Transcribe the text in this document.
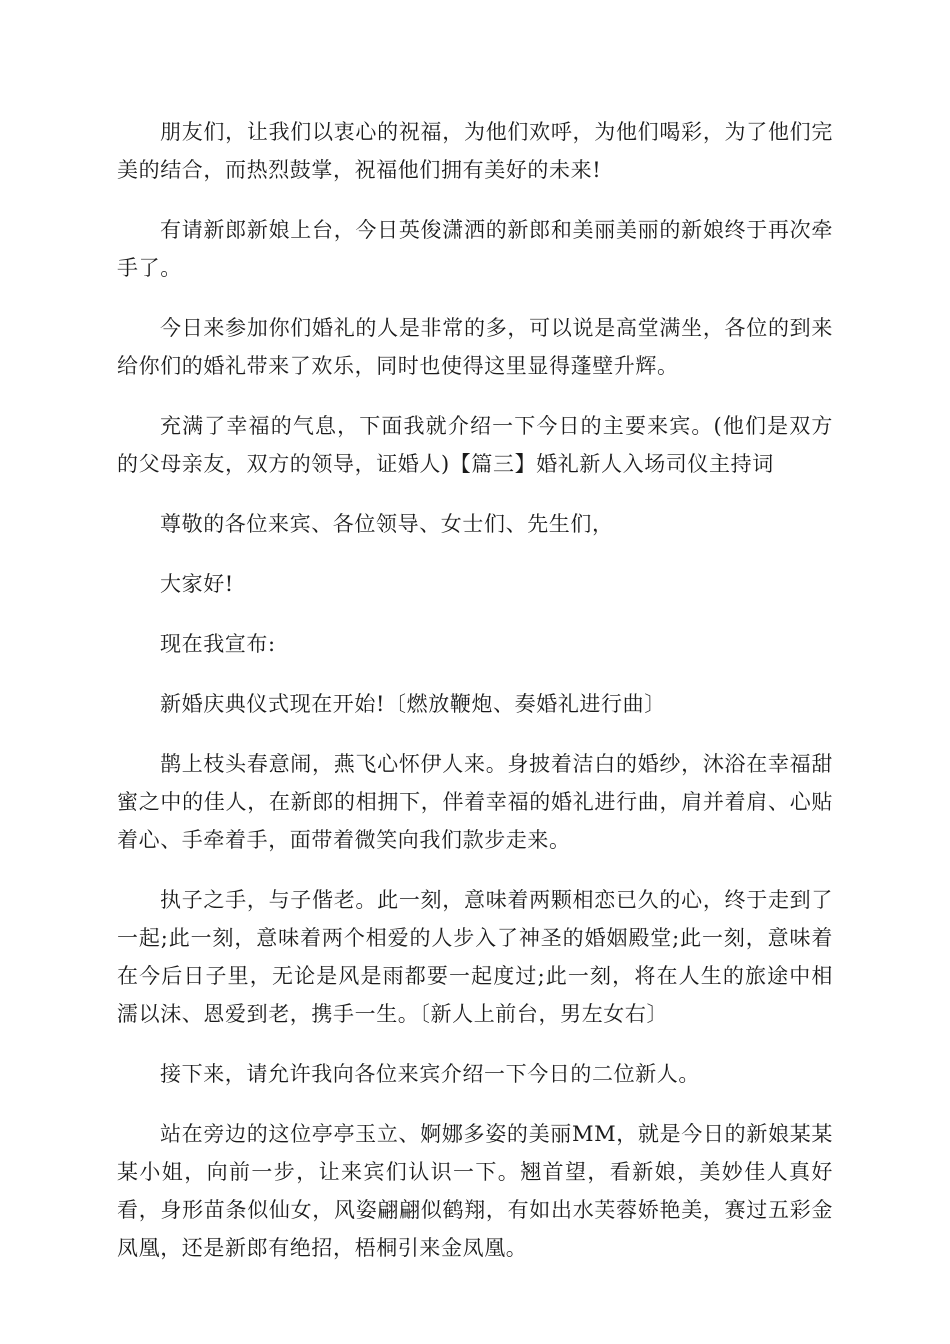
朋友们，让我们以衷心的祝福，为他们欢呼，为他们喝彩，为了他们完美的结合，而热烈鼓掌，祝福他们拥有美好的未来!

有请新郎新娘上台，今日英俊潇洒的新郎和美丽美丽的新娘终于再次牵手了。

今日来参加你们婚礼的人是非常的多，可以说是高堂满坐，各位的到来给你们的婚礼带来了欢乐，同时也使得这里显得蓬壁升辉。

充满了幸福的气息，下面我就介绍一下今日的主要来宾。(他们是双方的父母亲友，双方的领导，证婚人)【篇三】婚礼新人入场司仪主持词

尊敬的各位来宾、各位领导、女士们、先生们，

大家好!

现在我宣布:

新婚庆典仪式现在开始!〔燃放鞭炮、奏婚礼进行曲〕

鹊上枝头春意闹，燕飞心怀伊人来。身披着洁白的婚纱，沐浴在幸福甜蜜之中的佳人，在新郎的相拥下，伴着幸福的婚礼进行曲，肩并着肩、心贴着心、手牵着手，面带着微笑向我们款步走来。

执子之手，与子偕老。此一刻，意味着两颗相恋已久的心，终于走到了一起;此一刻，意味着两个相爱的人步入了神圣的婚姻殿堂;此一刻，意味着在今后日子里，无论是风是雨都要一起度过;此一刻，将在人生的旅途中相濡以沫、恩爱到老，携手一生。〔新人上前台，男左女右〕

接下来，请允许我向各位来宾介绍一下今日的二位新人。

站在旁边的这位亭亭玉立、婀娜多姿的美丽MM，就是今日的新娘某某某小姐，向前一步，让来宾们认识一下。翘首望，看新娘，美妙佳人真好看，身形苗条似仙女，风姿翩翩似鹤翔，有如出水芙蓉娇艳美，赛过五彩金凤凰，还是新郎有绝招，梧桐引来金凤凰。
